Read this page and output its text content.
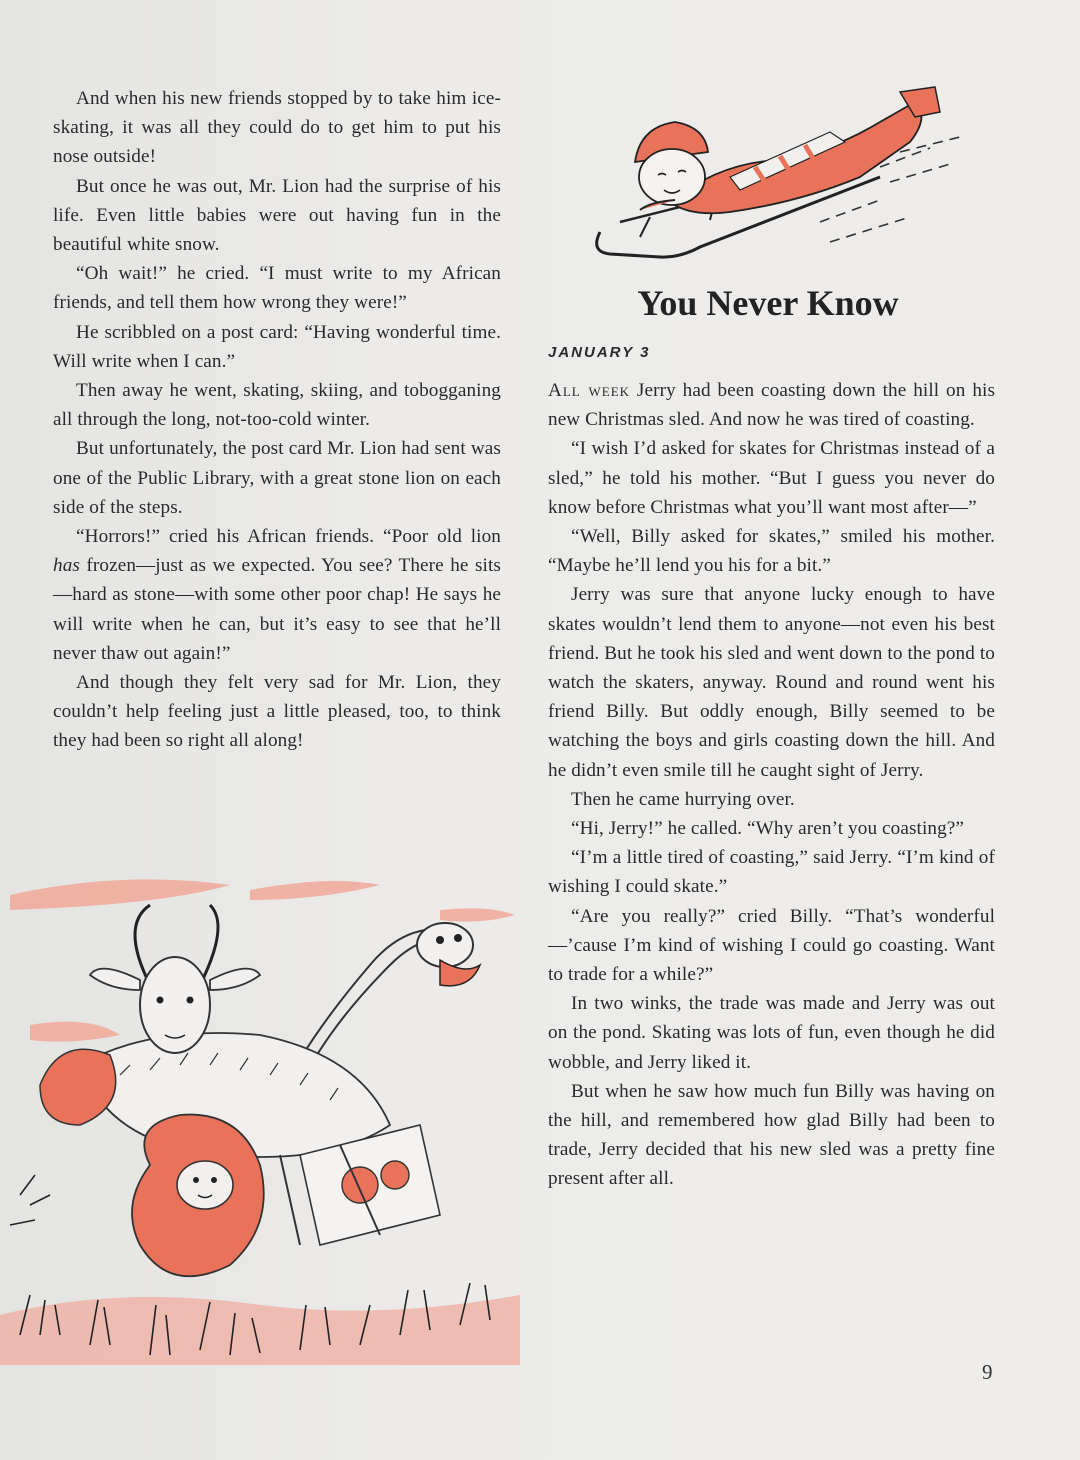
And when his new friends stopped by to take him ice-skating, it was all they could do to get him to put his nose outside!

But once he was out, Mr. Lion had the surprise of his life. Even little babies were out having fun in the beautiful white snow.

“Oh wait!” he cried. “I must write to my African friends, and tell them how wrong they were!”

He scribbled on a post card: “Having wonderful time. Will write when I can.”

Then away he went, skating, skiing, and tobogganing all through the long, not-too-cold winter.

But unfortunately, the post card Mr. Lion had sent was one of the Public Library, with a great stone lion on each side of the steps.

“Horrors!” cried his African friends. “Poor old lion has frozen—just as we expected. You see? There he sits—hard as stone—with some other poor chap! He says he will write when he can, but it’s easy to see that he’ll never thaw out again!”

And though they felt very sad for Mr. Lion, they couldn’t help feeling just a little pleased, too, to think they had been so right all along!

You Never Know
JANUARY 3

All week Jerry had been coasting down the hill on his new Christmas sled. And now he was tired of coasting.

“I wish I’d asked for skates for Christmas instead of a sled,” he told his mother. “But I guess you never do know before Christmas what you’ll want most after—”

“Well, Billy asked for skates,” smiled his mother. “Maybe he’ll lend you his for a bit.”

Jerry was sure that anyone lucky enough to have skates wouldn’t lend them to anyone—not even his best friend. But he took his sled and went down to the pond to watch the skaters, anyway. Round and round went his friend Billy. But oddly enough, Billy seemed to be watching the boys and girls coasting down the hill. And he didn’t even smile till he caught sight of Jerry.

Then he came hurrying over.

“Hi, Jerry!” he called. “Why aren’t you coasting?”

“I’m a little tired of coasting,” said Jerry. “I’m kind of wishing I could skate.”

“Are you really?” cried Billy. “That’s wonderful—’cause I’m kind of wishing I could go coasting. Want to trade for a while?”

In two winks, the trade was made and Jerry was out on the pond. Skating was lots of fun, even though he did wobble, and Jerry liked it.

But when he saw how much fun Billy was having on the hill, and remembered how glad Billy had been to trade, Jerry decided that his new sled was a pretty fine present after all.

9
